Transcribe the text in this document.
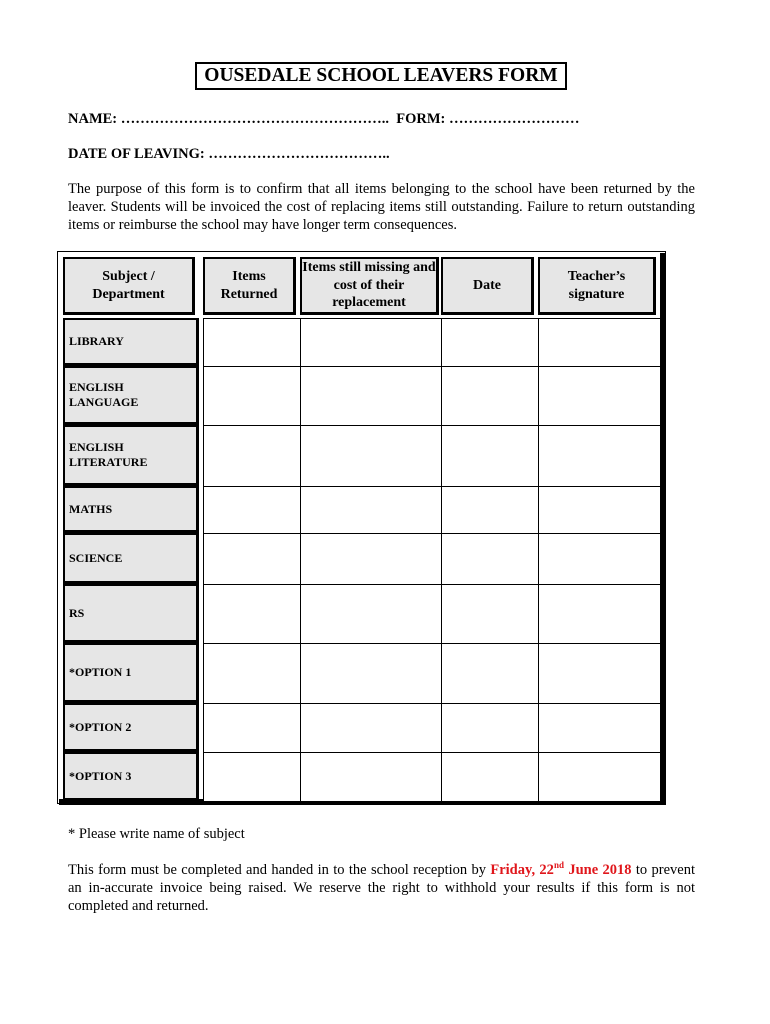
OUSEDALE SCHOOL LEAVERS FORM
NAME: ………………………………………………..  FORM: ………………………
DATE OF LEAVING: ………………………………..
The purpose of this form is to confirm that all items belonging to the school have been returned by the leaver. Students will be invoiced the cost of replacing items still outstanding. Failure to return outstanding items or reimburse the school may have longer term consequences.
Subject / Department
Items Returned
Items still missing and cost of their replacement
Date
Teacher’s signature
LIBRARY
ENGLISH LANGUAGE
ENGLISH LITERATURE
MATHS
SCIENCE
RS
*OPTION 1
*OPTION 2
*OPTION 3
* Please write name of subject
This form must be completed and handed in to the school reception by Friday, 22nd June 2018 to prevent an in-accurate invoice being raised. We reserve the right to withhold your results if this form is not completed and returned.
